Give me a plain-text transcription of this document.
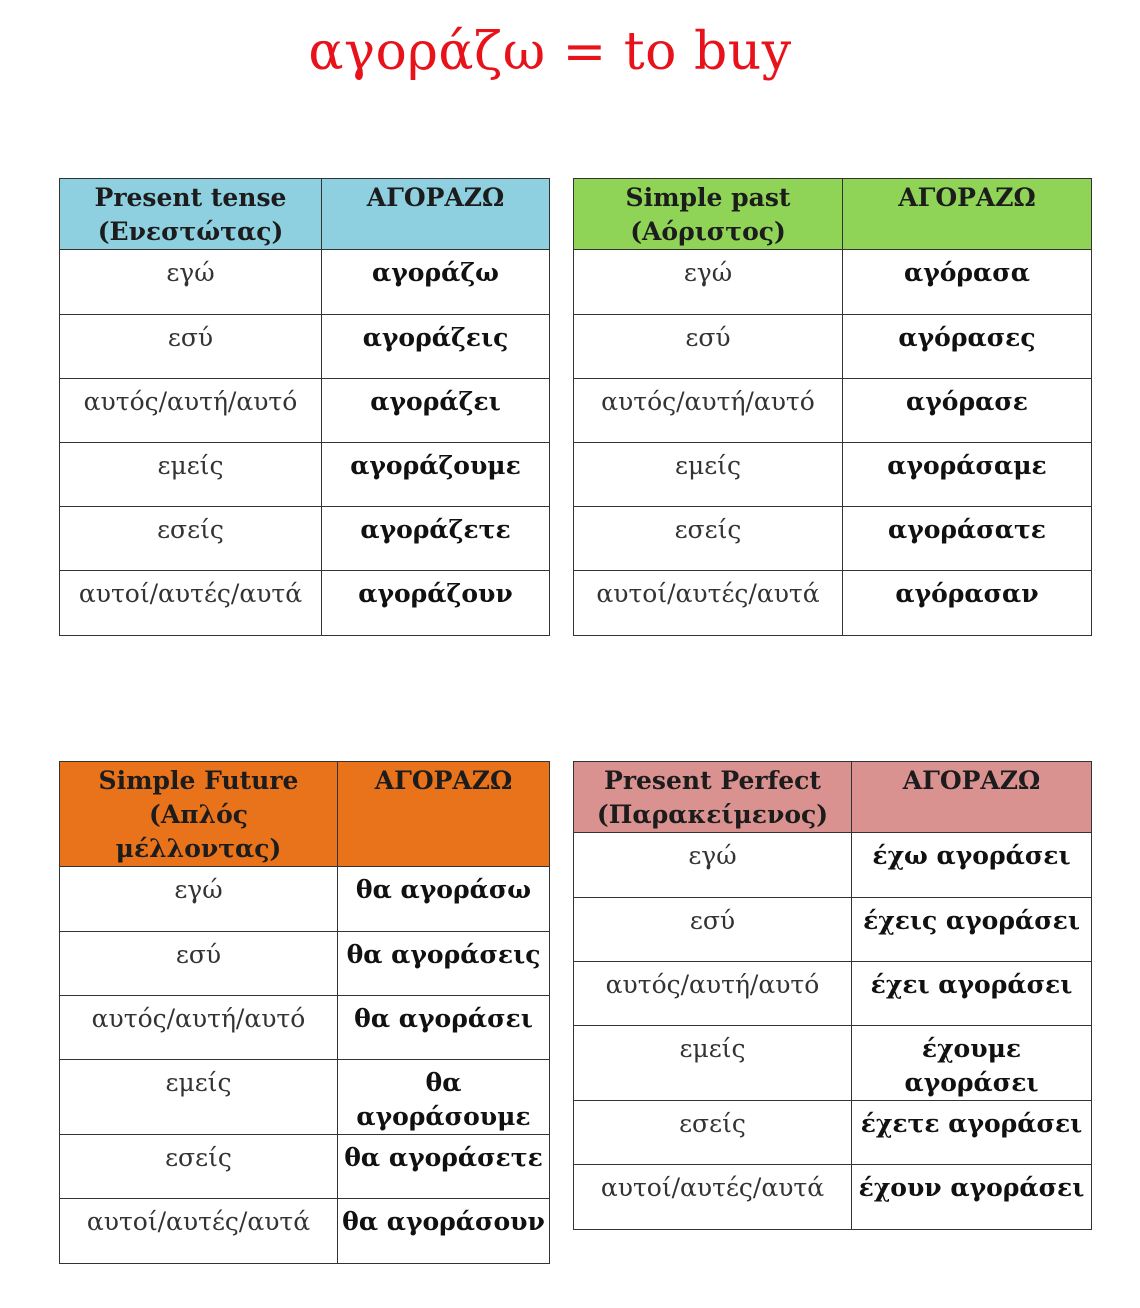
αγοράζω = to buy
Present tense
(Ενεστώτας)	ΑΓΟΡΑΖΩ
εγώ	αγοράζω
εσύ	αγοράζεις
αυτός/αυτή/αυτό	αγοράζει
εμείς	αγοράζουμε
εσείς	αγοράζετε
αυτοί/αυτές/αυτά	αγοράζουν
Simple past
(Αόριστος)	ΑΓΟΡΑΖΩ
εγώ	αγόρασα
εσύ	αγόρασες
αυτός/αυτή/αυτό	αγόρασε
εμείς	αγοράσαμε
εσείς	αγοράσατε
αυτοί/αυτές/αυτά	αγόρασαν
Simple Future
(Απλός μέλλοντας)	ΑΓΟΡΑΖΩ
εγώ	θα αγοράσω
εσύ	θα αγοράσεις
αυτός/αυτή/αυτό	θα αγοράσει
εμείς	θα αγοράσουμε
εσείς	θα αγοράσετε
αυτοί/αυτές/αυτά	θα αγοράσουν
Present Perfect
(Παρακείμενος)	ΑΓΟΡΑΖΩ
εγώ	έχω αγοράσει
εσύ	έχεις αγοράσει
αυτός/αυτή/αυτό	έχει αγοράσει
εμείς	έχουμε αγοράσει
εσείς	έχετε αγοράσει
αυτοί/αυτές/αυτά	έχουν αγοράσει
